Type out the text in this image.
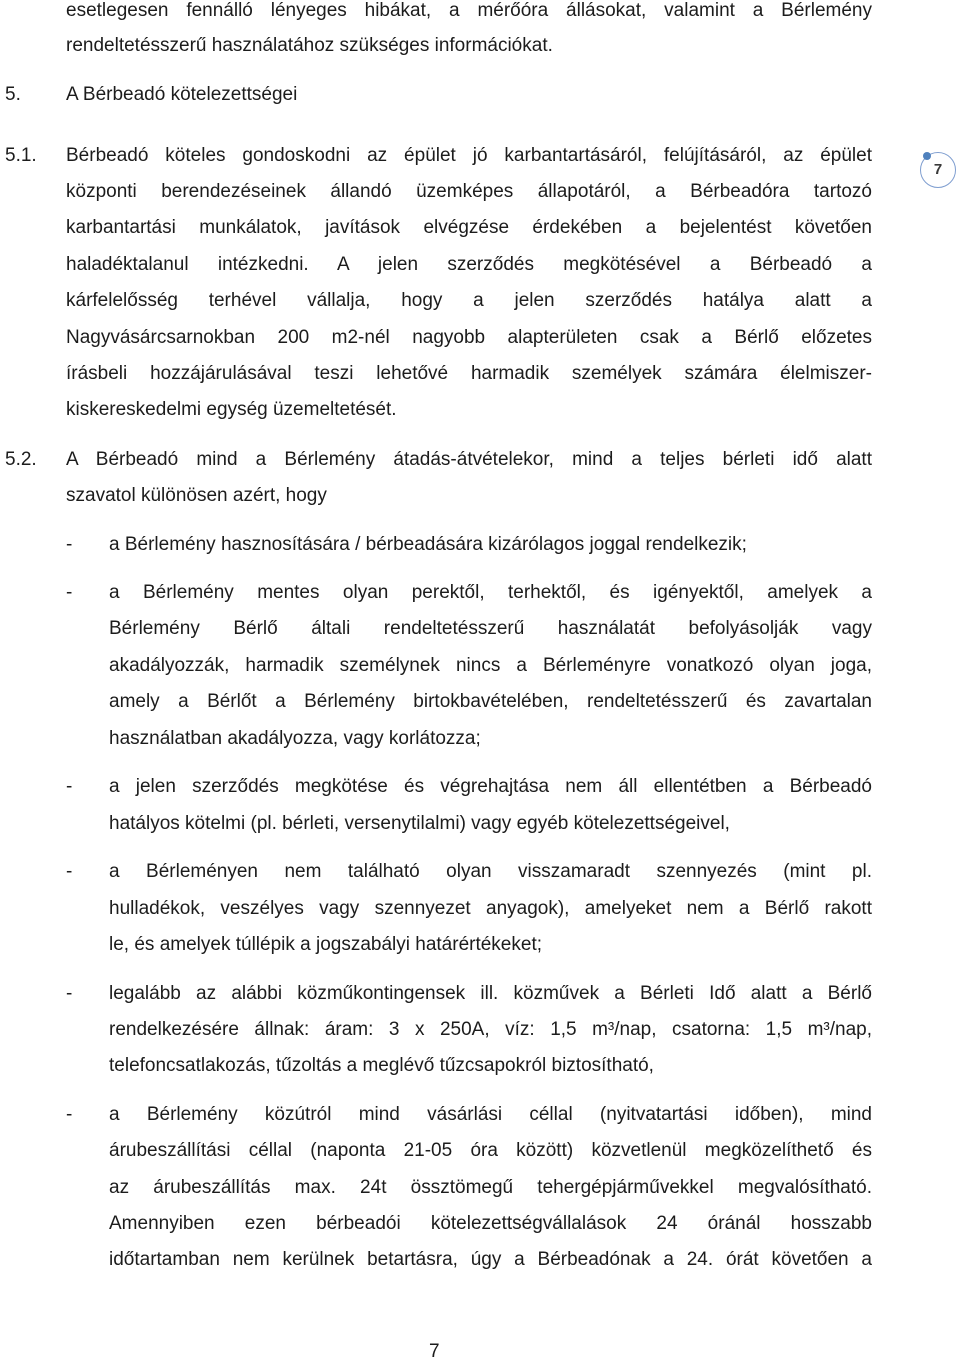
esetlegesen fennálló lényeges hibákat, a mérőóra állásokat, valamint a Bérlemény
rendeltetésszerű használatához szükséges információkat.
5. A Bérbeadó kötelezettségei
5.1. Bérbeadó köteles gondoskodni az épület jó karbantartásáról, felújításáról, az épület
központi berendezéseinek állandó üzemképes állapotáról, a Bérbeadóra tartozó
karbantartási munkálatok, javítások elvégzése érdekében a bejelentést követően
haladéktalanul intézkedni. A jelen szerződés megkötésével a Bérbeadó a
kárfelelősség terhével vállalja, hogy a jelen szerződés hatálya alatt a
Nagyvásárcsarnokban 200 m2-nél nagyobb alapterületen csak a Bérlő előzetes
írásbeli hozzájárulásával teszi lehetővé harmadik személyek számára élelmiszer-
kiskereskedelmi egység üzemeltetését.
5.2. A Bérbeadó mind a Bérlemény átadás-átvételekor, mind a teljes bérleti idő alatt
szavatol különösen azért, hogy
- a Bérlemény hasznosítására / bérbeadására kizárólagos joggal rendelkezik;
- a Bérlemény mentes olyan perektől, terhektől, és igényektől, amelyek a
Bérlemény Bérlő általi rendeltetésszerű használatát befolyásolják vagy
akadályozzák, harmadik személynek nincs a Bérleményre vonatkozó olyan joga,
amely a Bérlőt a Bérlemény birtokbavételében, rendeltetésszerű és zavartalan
használatban akadályozza, vagy korlátozza;
- a jelen szerződés megkötése és végrehajtása nem áll ellentétben a Bérbeadó
hatályos kötelmi (pl. bérleti, versenytilalmi) vagy egyéb kötelezettségeivel,
- a Bérleményen nem található olyan visszamaradt szennyezés (mint pl.
hulladékok, veszélyes vagy szennyezet anyagok), amelyeket nem a Bérlő rakott
le, és amelyek túllépik a jogszabályi határértékeket;
- legalább az alábbi közműkontingensek ill. közművek a Bérleti Idő alatt a Bérlő
rendelkezésére állnak: áram: 3 x 250A, víz: 1,5 m³/nap, csatorna: 1,5 m³/nap,
telefoncsatlakozás, tűzoltás a meglévő tűzcsapokról biztosítható,
- a Bérlemény közútról mind vásárlási céllal (nyitvatartási időben), mind
árubeszállítási céllal (naponta 21-05 óra között) közvetlenül megközelíthető és
az árubeszállítás max. 24t össztömegű tehergépjárművekkel megvalósítható.
Amennyiben ezen bérbeadói kötelezettségvállalások 24 óránál hosszabb
időtartamban nem kerülnek betartásra, úgy a Bérbeadónak a 24. órát követően a
7
7
